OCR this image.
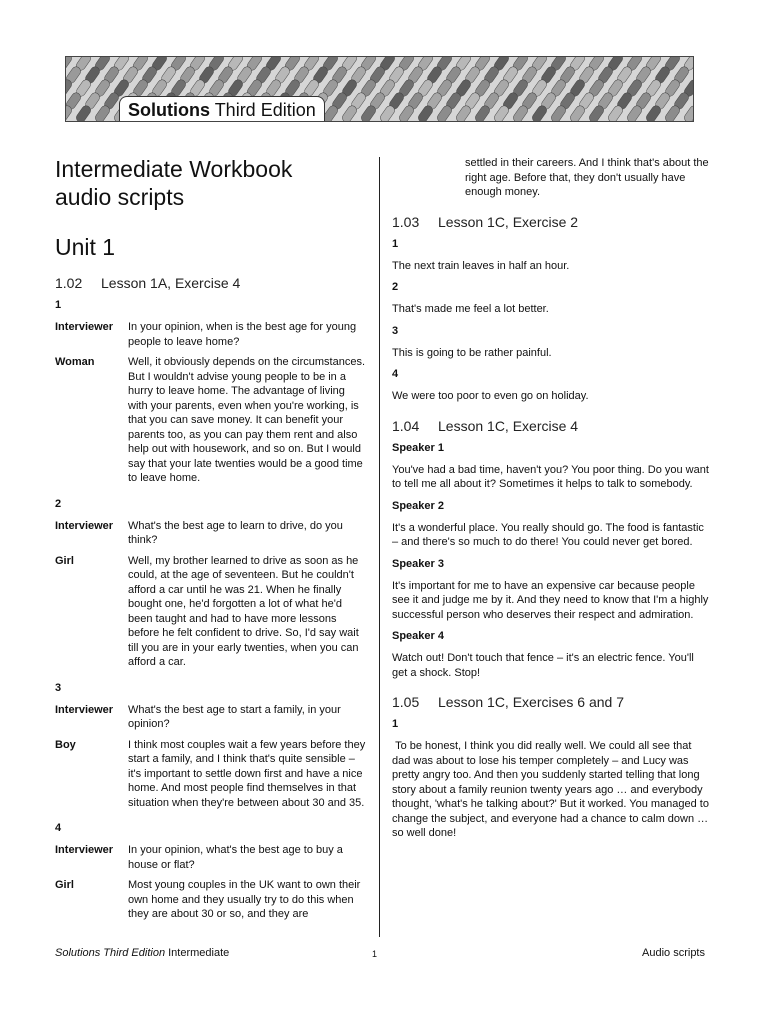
Solutions Third Edition
Intermediate Workbook
audio scripts
Unit 1
1.02 Lesson 1A, Exercise 4
1
Interviewer	In your opinion, when is the best age for young people to leave home?
Woman	Well, it obviously depends on the circumstances. But I wouldn't advise young people to be in a hurry to leave home. The advantage of living with your parents, even when you're working, is that you can save money. It can benefit your parents too, as you can pay them rent and also help out with housework, and so on. But I would say that your late twenties would be a good time to leave home.
2
Interviewer	What's the best age to learn to drive, do you think?
Girl	Well, my brother learned to drive as soon as he could, at the age of seventeen. But he couldn't afford a car until he was 21. When he finally bought one, he'd forgotten a lot of what he'd been taught and had to have more lessons before he felt confident to drive. So, I'd say wait till you are in your early twenties, when you can afford a car.
3
Interviewer	What's the best age to start a family, in your opinion?
Boy	I think most couples wait a few years before they start a family, and I think that's quite sensible – it's important to settle down first and have a nice home. And most people find themselves in that situation when they're between about 30 and 35.
4
Interviewer	In your opinion, what's the best age to buy a house or flat?
Girl	Most young couples in the UK want to own their own home and they usually try to do this when they are about 30 or so, and they are
settled in their careers. And I think that's about the right age. Before that, they don't usually have enough money.
1.03 Lesson 1C, Exercise 2
1
The next train leaves in half an hour.
2
That's made me feel a lot better.
3
This is going to be rather painful.
4
We were too poor to even go on holiday.
1.04 Lesson 1C, Exercise 4
Speaker 1
You've had a bad time, haven't you? You poor thing. Do you want to tell me all about it? Sometimes it helps to talk to somebody.
Speaker 2
It's a wonderful place. You really should go. The food is fantastic – and there's so much to do there! You could never get bored.
Speaker 3
It's important for me to have an expensive car because people see it and judge me by it. And they need to know that I'm a highly successful person who deserves their respect and admiration.
Speaker 4
Watch out! Don't touch that fence – it's an electric fence. You'll get a shock. Stop!
1.05 Lesson 1C, Exercises 6 and 7
1
To be honest, I think you did really well. We could all see that dad was about to lose his temper completely – and Lucy was pretty angry too. And then you suddenly started telling that long story about a family reunion twenty years ago … and everybody thought, 'what's he talking about?' But it worked. You managed to change the subject, and everyone had a chance to calm down … so well done!
Solutions Third Edition Intermediate	1	Audio scripts
